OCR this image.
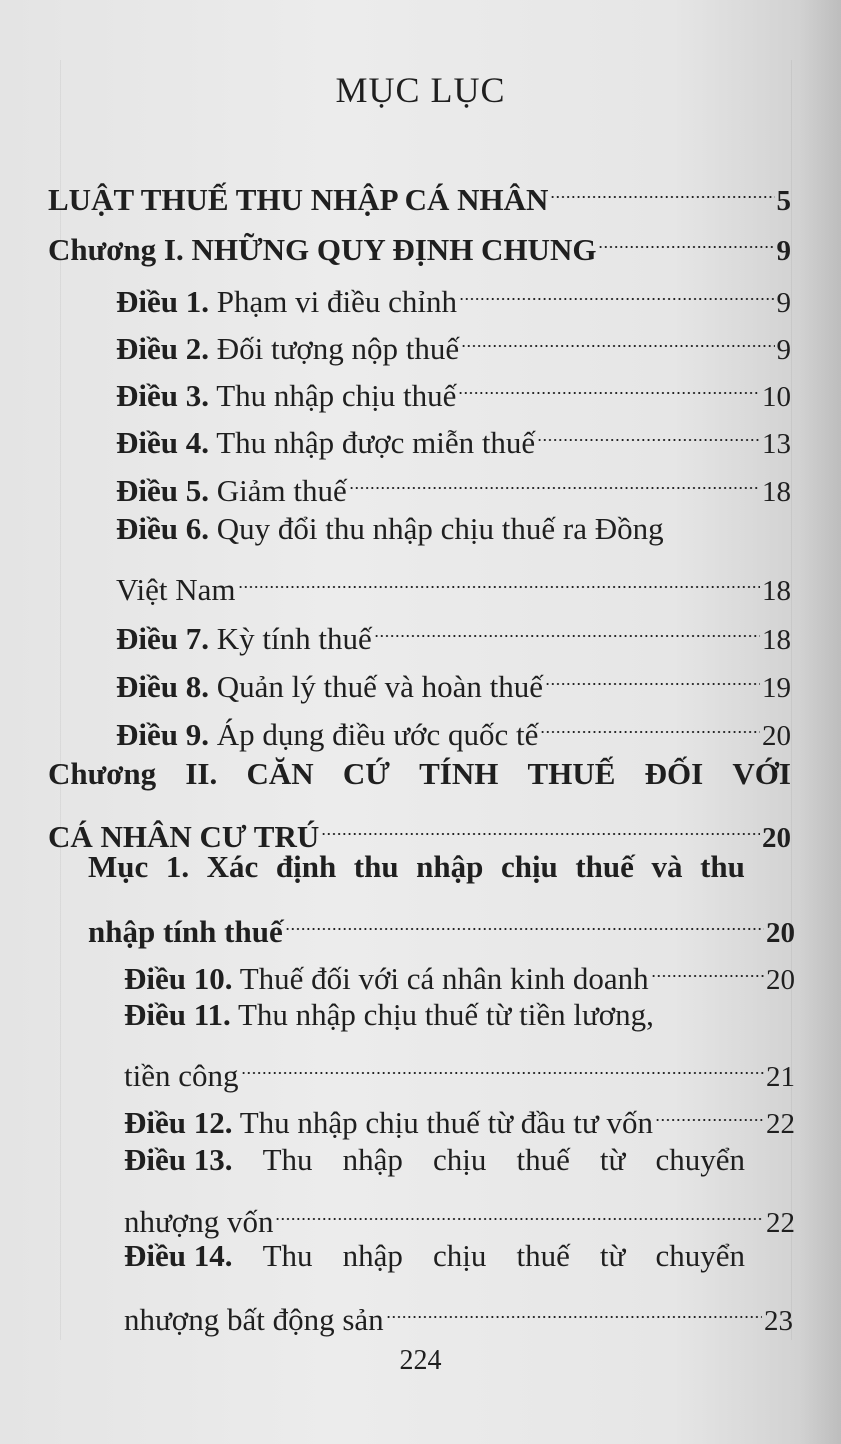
MỤC LỤC
LUẬT THUẾ THU NHẬP CÁ NHÂN	5
Chương I. NHỮNG QUY ĐỊNH CHUNG	9
Điều 1. Phạm vi điều chỉnh	9
Điều 2. Đối tượng nộp thuế	9
Điều 3. Thu nhập chịu thuế	10
Điều 4. Thu nhập được miễn thuế	13
Điều 5. Giảm thuế	18
Điều 6. Quy đổi thu nhập chịu thuế ra Đồng
Việt Nam	18
Điều 7. Kỳ tính thuế	18
Điều 8. Quản lý thuế và hoàn thuế	19
Điều 9. Áp dụng điều ước quốc tế	20
Chương II. CĂN CỨ TÍNH THUẾ ĐỐI VỚI
CÁ NHÂN CƯ TRÚ	20
Mục 1. Xác định thu nhập chịu thuế và thu
nhập tính thuế	20
Điều 10. Thuế đối với cá nhân kinh doanh	20
Điều 11. Thu nhập chịu thuế từ tiền lương,
tiền công	21
Điều 12. Thu nhập chịu thuế từ đầu tư vốn	22
Điều 13. Thu nhập chịu thuế từ chuyển
nhượng vốn	22
Điều 14. Thu nhập chịu thuế từ chuyển
nhượng bất động sản	23
224
